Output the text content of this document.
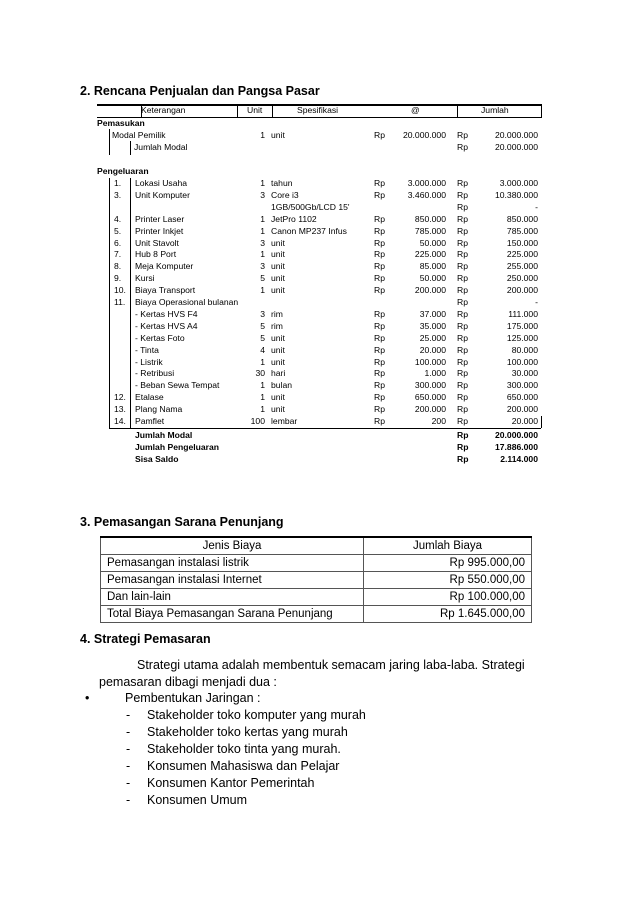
2. Rencana Penjualan dan Pangsa Pasar
Keterangan	Unit	Spesifikasi	@	Jumlah
Pemasukan
Modal Pemilik	1 unit	Rp 20.000.000 Rp	20.000.000
Jumlah Modal	Rp	20.000.000
Pengeluaran
1. Lokasi Usaha	1 tahun	Rp	3.000.000 Rp	3.000.000
3. Unit Komputer	3 Core i3	Rp	3.460.000 Rp	10.380.000
1GB/500Gb/LCD 15'	Rp	-
4. Printer Laser	1 JetPro 1102	Rp	850.000 Rp	850.000
5. Printer Inkjet	1 Canon MP237 Infus	Rp	785.000 Rp	785.000
6. Unit Stavolt	3 unit	Rp	50.000 Rp	150.000
7. Hub 8 Port	1 unit	Rp	225.000 Rp	225.000
8. Meja Komputer	3 unit	Rp	85.000 Rp	255.000
9. Kursi	5 unit	Rp	50.000 Rp	250.000
10. Biaya Transport	1 unit	Rp	200.000 Rp	200.000
11. Biaya Operasional bulanan	Rp	-
- Kertas HVS F4	3 rim	Rp	37.000 Rp	111.000
- Kertas HVS A4	5 rim	Rp	35.000 Rp	175.000
- Kertas Foto	5 unit	Rp	25.000 Rp	125.000
- Tinta	4 unit	Rp	20.000 Rp	80.000
- Listrik	1 unit	Rp	100.000 Rp	100.000
- Retribusi	30 hari	Rp	1.000 Rp	30.000
- Beban Sewa Tempat	1 bulan	Rp	300.000 Rp	300.000
12. Etalase	1 unit	Rp	650.000 Rp	650.000
13. Plang Nama	1 unit	Rp	200.000 Rp	200.000
14. Pamflet	100 lembar	Rp	200 Rp	20.000
Jumlah Modal	Rp	20.000.000
Jumlah Pengeluaran	Rp	17.886.000
Sisa Saldo	Rp	2.114.000
3. Pemasangan Sarana Penunjang
Jenis Biaya	Jumlah Biaya
Pemasangan instalasi listrik	Rp 995.000,00
Pemasangan instalasi Internet	Rp 550.000,00
Dan lain-lain	Rp 100.000,00
Total Biaya Pemasangan Sarana Penunjang	Rp 1.645.000,00
4. Strategi Pemasaran
Strategi utama adalah membentuk semacam jaring laba-laba. Strategi
pemasaran dibagi menjadi dua :
•	Pembentukan Jaringan :
- Stakeholder toko komputer yang murah
- Stakeholder toko kertas yang murah
- Stakeholder toko tinta yang murah.
- Konsumen Mahasiswa dan Pelajar
- Konsumen Kantor Pemerintah
- Konsumen Umum
